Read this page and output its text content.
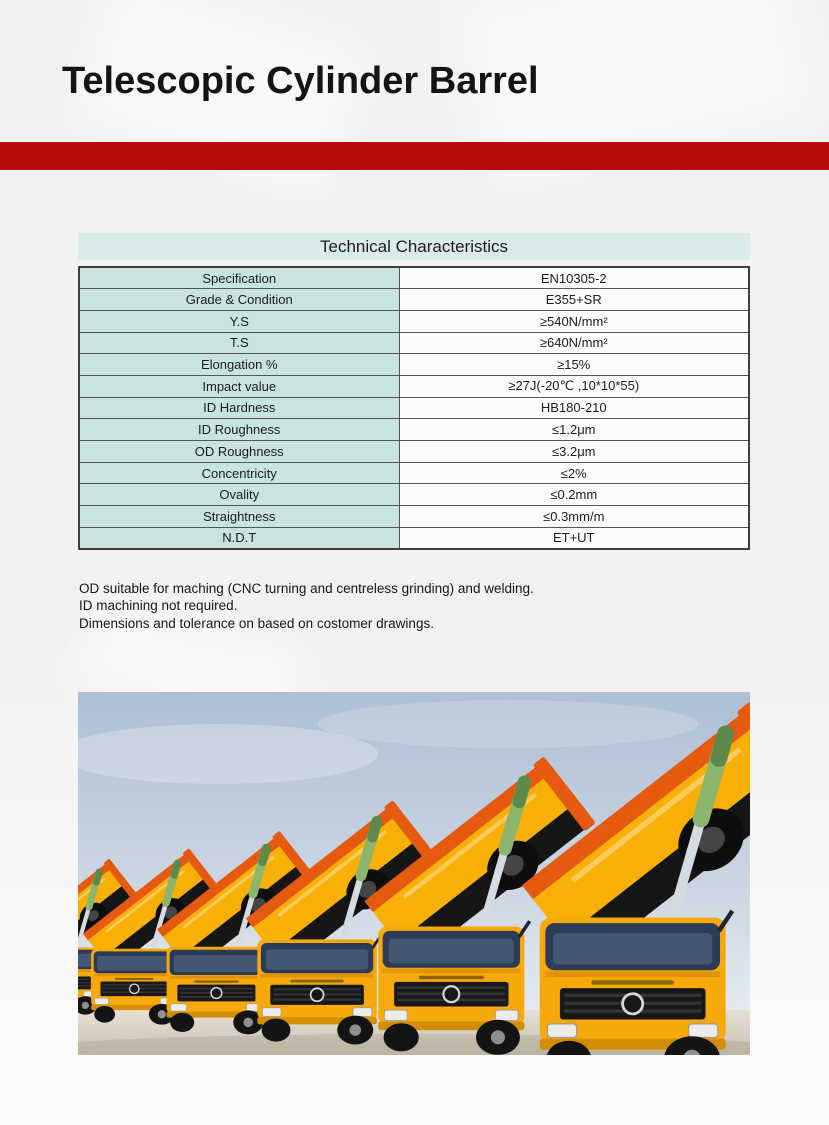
Telescopic Cylinder Barrel
Technical Characteristics
Specification	EN10305-2
Grade & Condition	E355+SR
Y.S	≥540N/mm²
T.S	≥640N/mm²
Elongation %	≥15%
Impact value	≥27J(-20℃ ,10*10*55)
ID Hardness	HB180-210
ID Roughness	≤1.2μm
OD Roughness	≤3.2μm
Concentricity	≤2%
Ovality	≤0.2mm
Straightness	≤0.3mm/m
N.D.T	ET+UT
OD suitable for maching (CNC turning and centreless grinding) and welding.
ID machining not required.
Dimensions and tolerance on based on costomer drawings.
